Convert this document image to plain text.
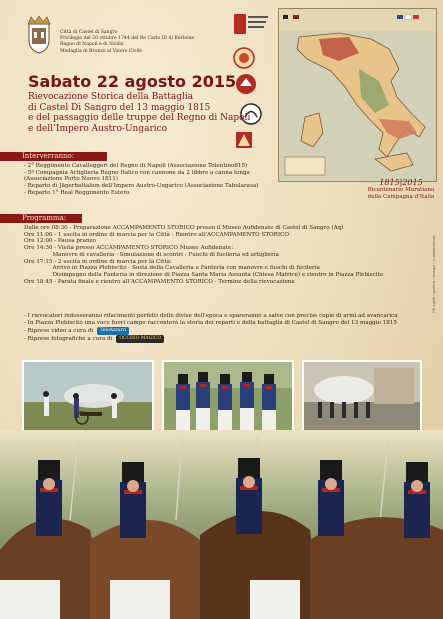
Città di Castel di Sangro
Privilegio del 20 ottobre 1744 del Re Carlo III di Borbone
Regno di Napoli e di Sicilia
Medaglia di Bronzo al Valore Civile
Sabato 22 agosto 2015
Rievocazione Storica della Battaglia
di Castel Di Sangro del 13 maggio 1815
e del passaggio delle truppe del Regno di Napoli
e dell’Impero Austro-Ungarico
1815|2015
Bicentenario Muratiano
della Campagna d’Italia
Gli ospiti - grafica - stampa - comunicazione
Interverranno:
- 2° Reggimento Cavalleggeri del Regno di Napoli (Associazione Tolentino815)
- 5ª Compagnia Artiglieria Regno Italico con cannone da 2 libbre a canna lunga
(Associazione Porto Nuovo 1811)
- Reparto di Jägerbattalion dell’Impero Austro-Ungarico (Associazione Tabularasa)
- Reparto 1° Real Reggimento Estero
Programma:
Dalle ore 08:30 - Preparazione ACCAMPAMENTO STORICO presso il Museo Aufidenate di Castel di Sangro (Aq)
Ore 11:00 - 1 uscita in ordine di marcia per la Città - Rientro all’ACCAMPAMENTO STORICO
Ore 12:00 - Pausa pranzo
Ore 14:30 - Visita presso ACCAMPAMENTO STORICO Museo Aufidenate:
Manovre di cavalleria - Simulazione di scontri - Fuochi di fucileria ed artiglieria
Ore 17:15 - 2 uscita in ordine di marcia per la Città:
Arrivo in Piazza Plebiscito - Sosta della Cavalleria e Fanteria con manovre e fuochi di fucileria
Disimpegno della Fanteria in direzione di Piazza Santa Maria Assunta (Chiesa Matrice) e rientro in Piazza Plebiscito
Ore 18:45 - Parata finale e rientro all’ACCAMPAMENTO STORICO - Termine della rievocazione
- I rievocatori indosseranno rifacimenti perfetti delle divise dell'epoca e spareranno a salve con precise copie di armi ad avancarica
- In Piazza Plebiscito una voce fuori campo racconterà la storia dei reparti e della battaglia di Castel di Sangro del 13 maggio 1815
- Riprese video a cura di	TeloAzzurri
- Riprese fotografiche a cura di	OCCHIO MAGICO
